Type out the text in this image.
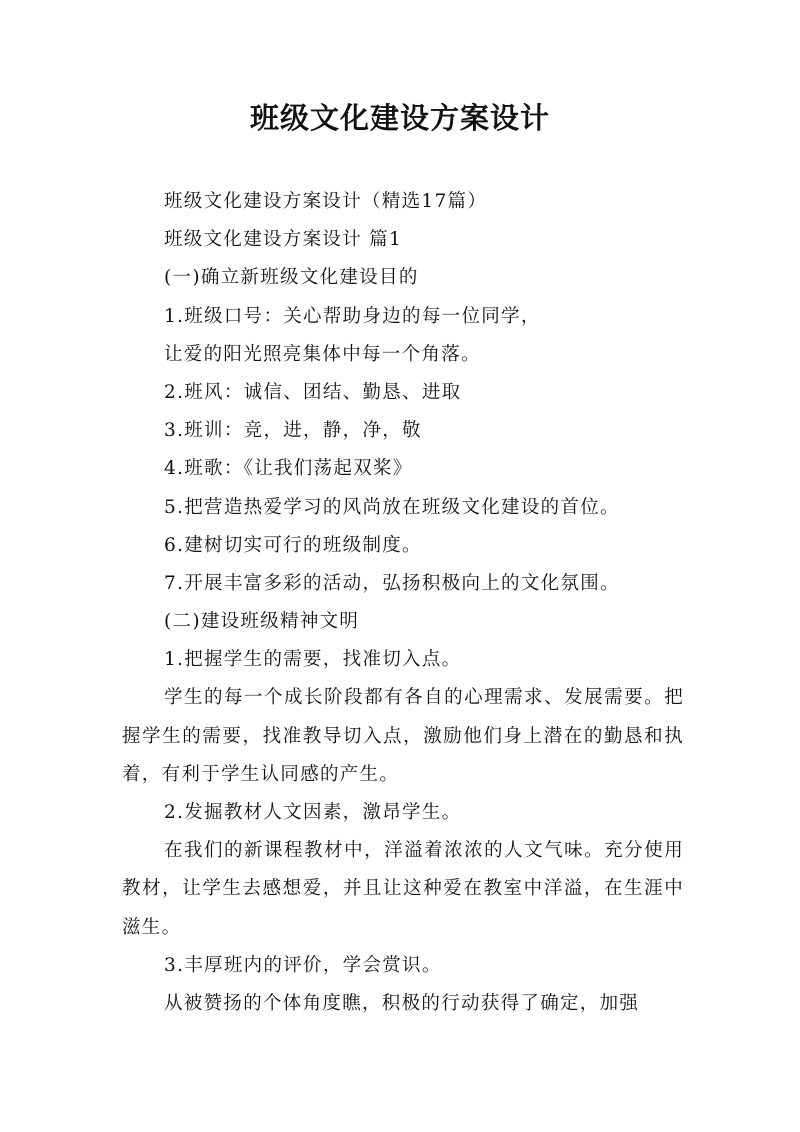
班级文化建设方案设计
班级文化建设方案设计（精选17篇）
班级文化建设方案设计 篇1
(一)确立新班级文化建设目的
1.班级口号：关心帮助身边的每一位同学，
让爱的阳光照亮集体中每一个角落。
2.班风：诚信、团结、勤恳、进取
3.班训：竞，进，静，净，敬
4.班歌：《让我们荡起双桨》
5.把营造热爱学习的风尚放在班级文化建设的首位。
6.建树切实可行的班级制度。
7.开展丰富多彩的活动，弘扬积极向上的文化氛围。
(二)建设班级精神文明
1.把握学生的需要，找准切入点。
学生的每一个成长阶段都有各自的心理需求、发展需要。把握学生的需要，找准教导切入点，激励他们身上潜在的勤恳和执着，有利于学生认同感的产生。
2.发掘教材人文因素，激昂学生。
在我们的新课程教材中，洋溢着浓浓的人文气味。充分使用教材，让学生去感想爱，并且让这种爱在教室中洋溢，在生涯中滋生。
3.丰厚班内的评价，学会赏识。
从被赞扬的个体角度瞧，积极的行动获得了确定，加强
